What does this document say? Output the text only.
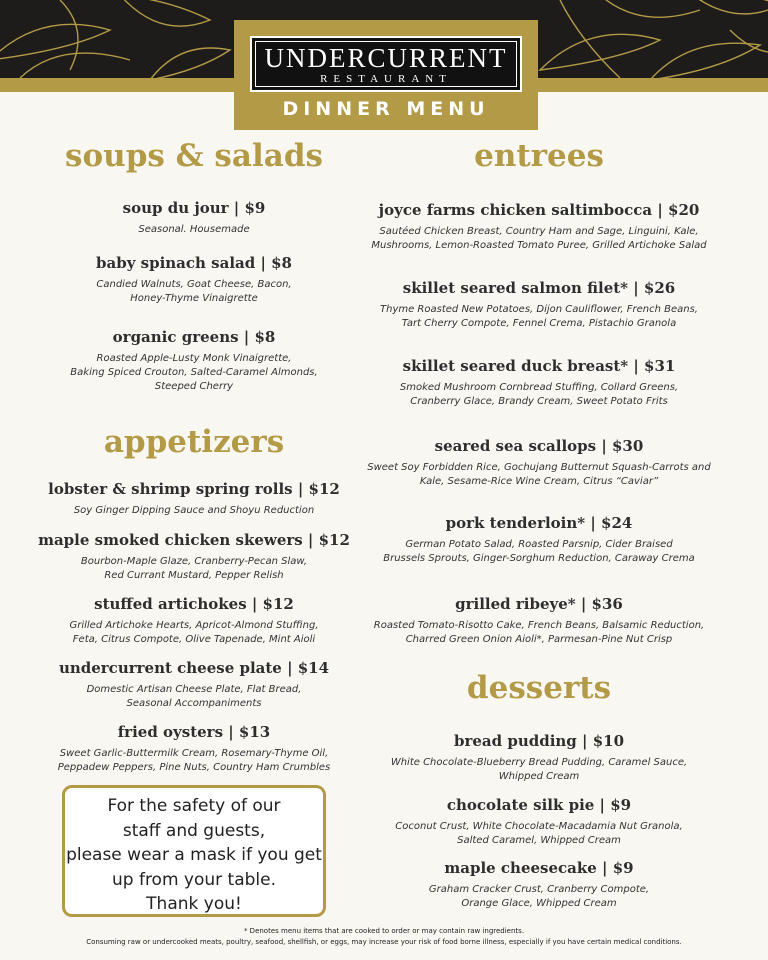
UNDERCURRENT
RESTAURANT
DINNER MENU
soups & salads
soup du jour | $9
Seasonal. Housemade
baby spinach salad | $8
Candied Walnuts, Goat Cheese, Bacon,
Honey-Thyme Vinaigrette
organic greens | $8
Roasted Apple-Lusty Monk Vinaigrette,
Baking Spiced Crouton, Salted-Caramel Almonds,
Steeped Cherry
appetizers
lobster & shrimp spring rolls | $12
Soy Ginger Dipping Sauce and Shoyu Reduction
maple smoked chicken skewers | $12
Bourbon-Maple Glaze, Cranberry-Pecan Slaw,
Red Currant Mustard, Pepper Relish
stuffed artichokes | $12
Grilled Artichoke Hearts, Apricot-Almond Stuffing,
Feta, Citrus Compote, Olive Tapenade, Mint Aioli
undercurrent cheese plate | $14
Domestic Artisan Cheese Plate, Flat Bread,
Seasonal Accompaniments
fried oysters | $13
Sweet Garlic-Buttermilk Cream, Rosemary-Thyme Oil,
Peppadew Peppers, Pine Nuts, Country Ham Crumbles
entrees
joyce farms chicken saltimbocca | $20
Sautéed Chicken Breast, Country Ham and Sage, Linguini, Kale,
Mushrooms, Lemon-Roasted Tomato Puree, Grilled Artichoke Salad
skillet seared salmon filet* | $26
Thyme Roasted New Potatoes, Dijon Cauliflower, French Beans,
Tart Cherry Compote, Fennel Crema, Pistachio Granola
skillet seared duck breast* | $31
Smoked Mushroom Cornbread Stuffing, Collard Greens,
Cranberry Glace, Brandy Cream, Sweet Potato Frits
seared sea scallops | $30
Sweet Soy Forbidden Rice, Gochujang Butternut Squash-Carrots and
Kale, Sesame-Rice Wine Cream, Citrus “Caviar”
pork tenderloin* | $24
German Potato Salad, Roasted Parsnip, Cider Braised
Brussels Sprouts, Ginger-Sorghum Reduction, Caraway Crema
grilled ribeye* | $36
Roasted Tomato-Risotto Cake, French Beans, Balsamic Reduction,
Charred Green Onion Aioli*, Parmesan-Pine Nut Crisp
desserts
bread pudding | $10
White Chocolate-Blueberry Bread Pudding, Caramel Sauce,
Whipped Cream
chocolate silk pie | $9
Coconut Crust, White Chocolate-Macadamia Nut Granola,
Salted Caramel, Whipped Cream
maple cheesecake | $9
Graham Cracker Crust, Cranberry Compote,
Orange Glace, Whipped Cream
For the safety of our
staff and guests,
please wear a mask if you get
up from your table.
Thank you!
* Denotes menu items that are cooked to order or may contain raw ingredients.
Consuming raw or undercooked meats, poultry, seafood, shellfish, or eggs, may increase your risk of food borne illness, especially if you have certain medical conditions.
